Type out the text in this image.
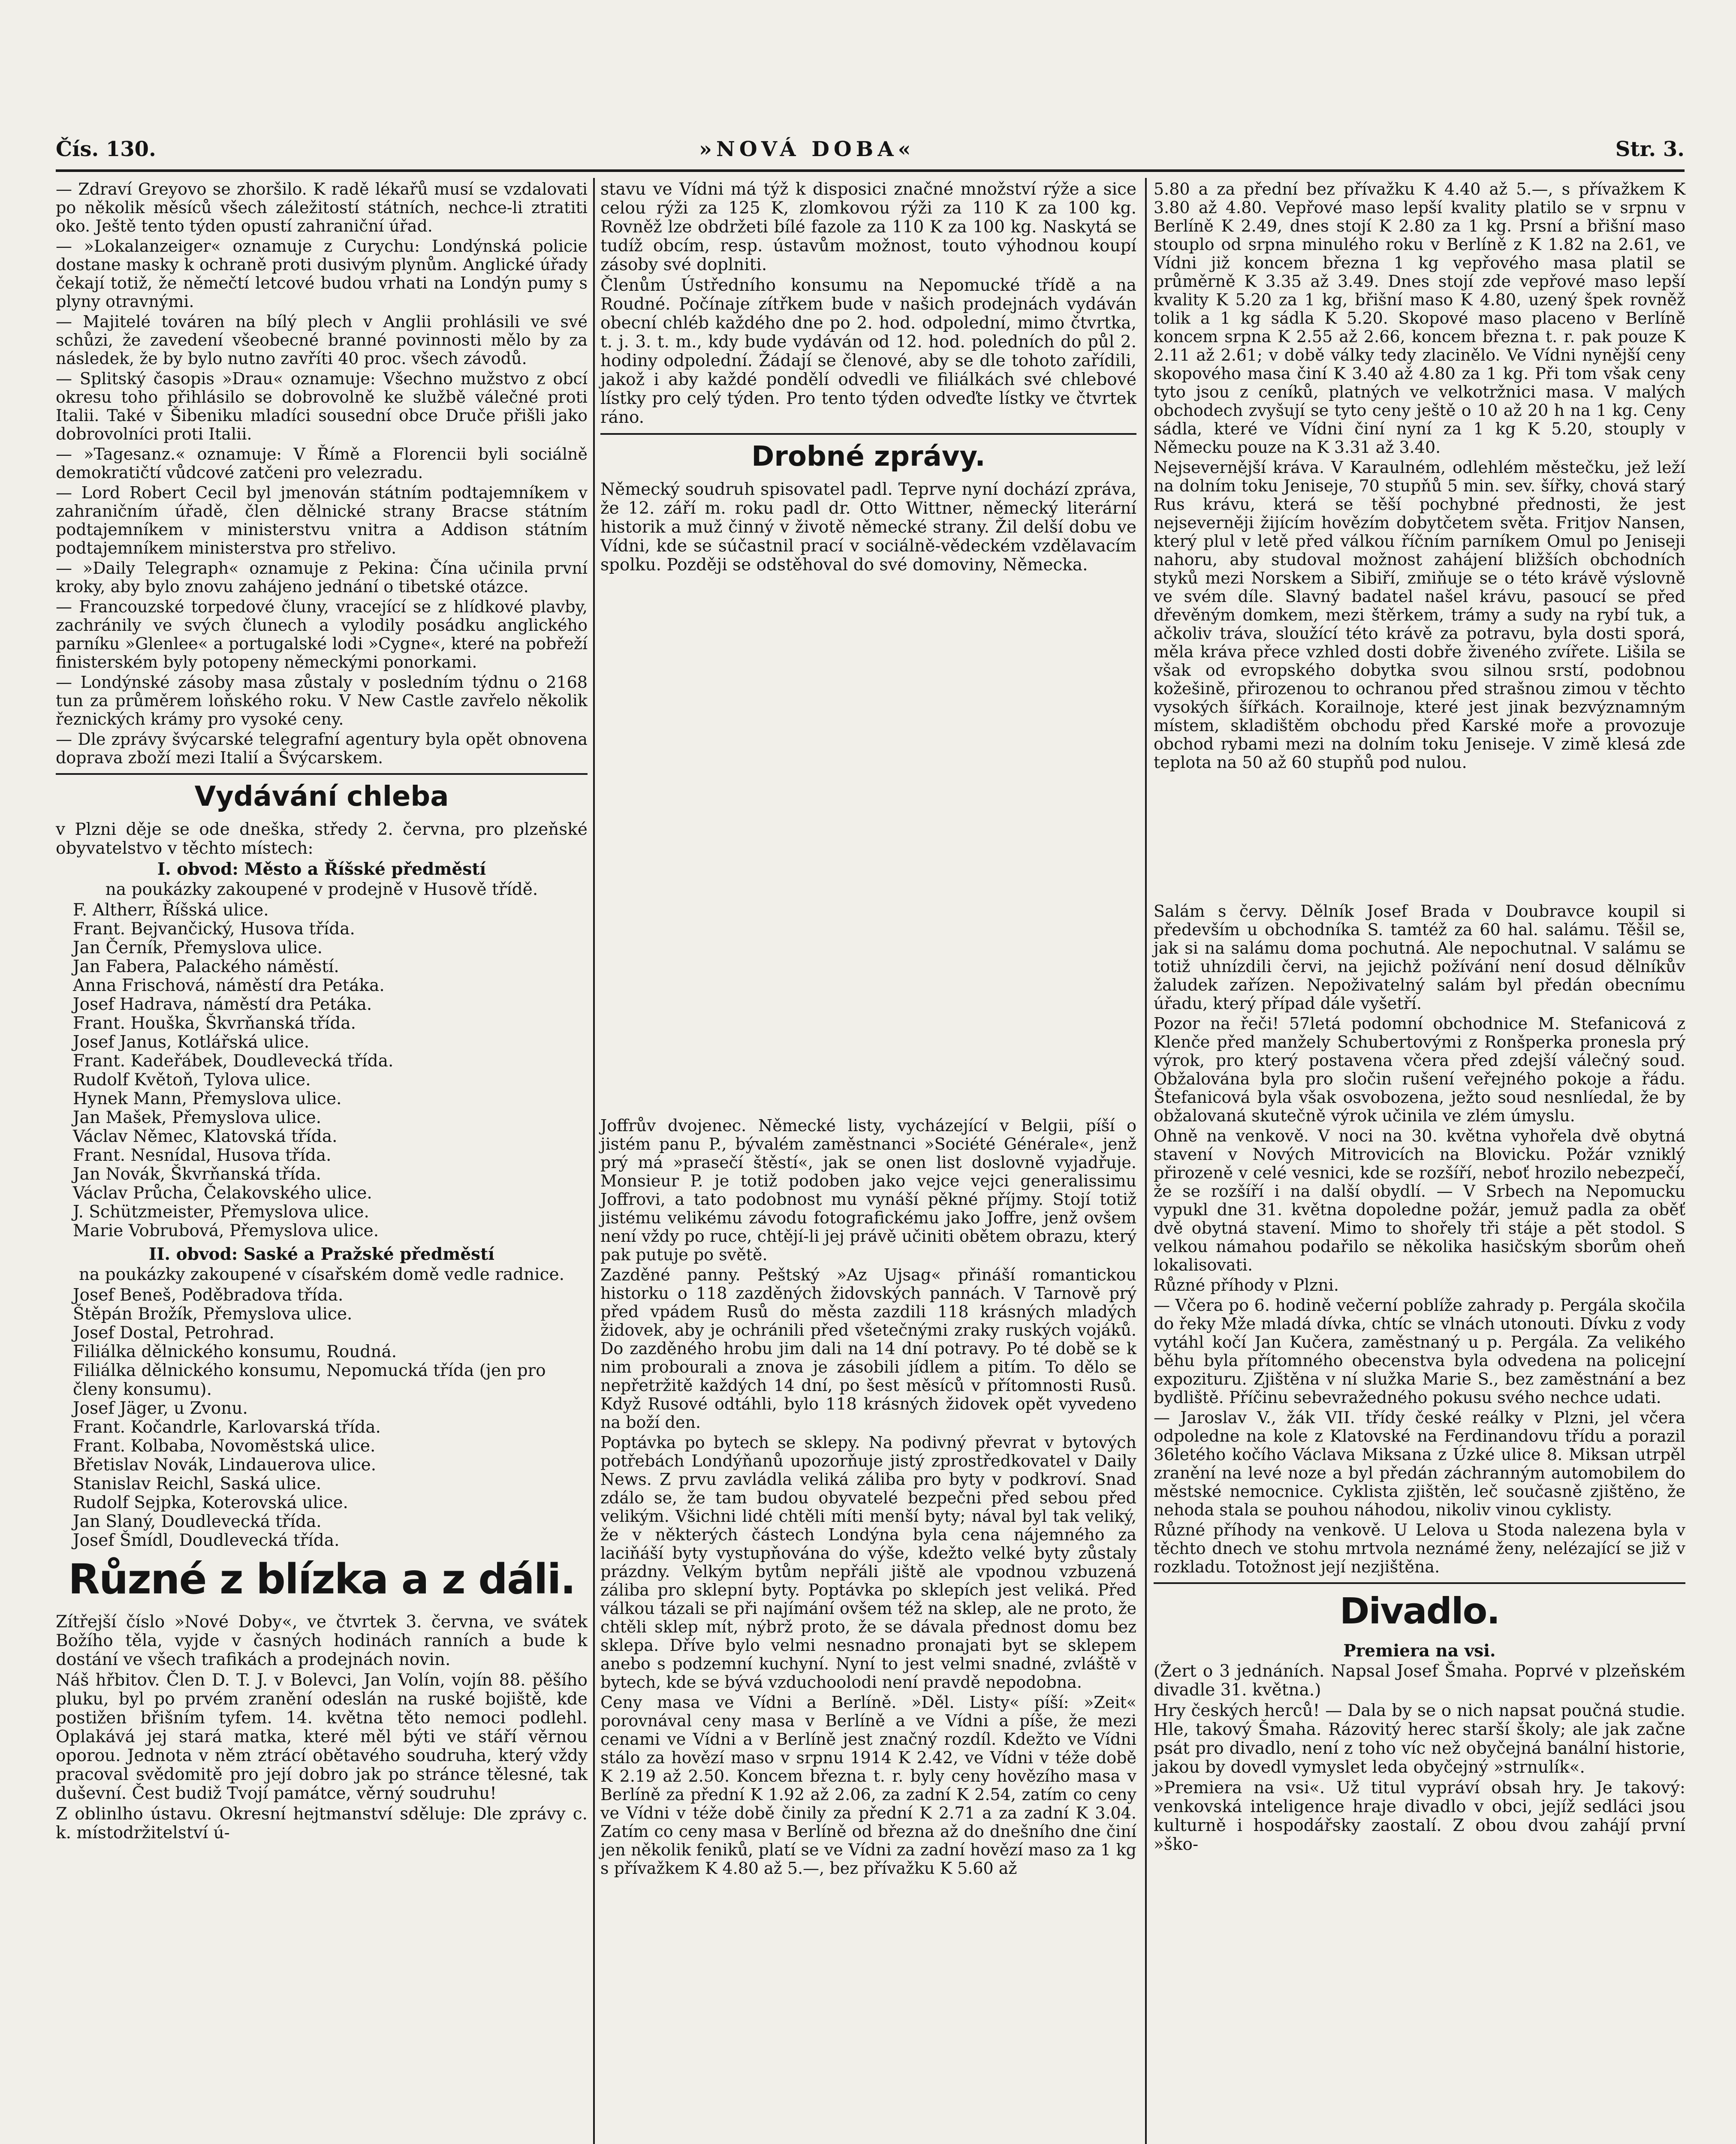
Čís. 130.	»NOVÁ DOBA«	Str. 3.

— Zdraví Greyovo se zhoršilo. K radě lékařů musí se vzdalovati po několik měsíců všech záležitostí státních, nechce-li ztratiti oko. Ještě tento týden opustí zahraniční úřad.

— »Lokalanzeiger« oznamuje z Curychu: Londýnská policie dostane masky k ochraně proti dusivým plynům. Anglické úřady čekají totiž, že němečtí letcové budou vrhati na Londýn pumy s plyny otravnými.

— Majitelé továren na bílý plech v Anglii prohlásili ve své schůzi, že zavedení všeobecné branné povinnosti mělo by za následek, že by bylo nutno zavříti 40 proc. všech závodů.

— Splitský časopis »Drau« oznamuje: Všechno mužstvo z obcí okresu toho přihlásilo se dobrovolně ke službě válečné proti Italii. Také v Šibeniku mladíci sousední obce Druče přišli jako dobrovolníci proti Italii.

— »Tagesanz.« oznamuje: V Římě a Florencii byli sociálně demokratičtí vůdcové zatčeni pro velezradu.

— Lord Robert Cecil byl jmenován státním podtajemníkem v zahraničním úřadě, člen dělnické strany Bracse státním podtajemníkem v ministerstvu vnitra a Addison státním podtajemníkem ministerstva pro střelivo.

— »Daily Telegraph« oznamuje z Pekina: Čína učinila první kroky, aby bylo znovu zahájeno jednání o tibetské otázce.

— Francouzské torpedové čluny, vracející se z hlídkové plavby, zachránily ve svých člunech a vylodily posádku anglického parníku »Glenlee« a portugalské lodi »Cygne«, které na pobřeží finisterském byly potopeny německými ponorkami.

— Londýnské zásoby masa zůstaly v posledním týdnu o 2168 tun za průměrem loňského roku. V New Castle zavřelo několik řeznických krámy pro vysoké ceny.

— Dle zprávy švýcarské telegrafní agentury byla opět obnovena doprava zboží mezi Italií a Švýcarskem.

Vydávání chleba

v Plzni děje se ode dneška, středy 2. června, pro plzeňské obyvatelstvo v těchto místech:

I. obvod: Město a Říšské předměstí

na poukázky zakoupené v prodejně v Husově třídě.

F. Altherr, Říšská ulice.

Frant. Bejvančický, Husova třída.

Jan Černík, Přemyslova ulice.

Jan Fabera, Palackého náměstí.

Anna Frischová, náměstí dra Petáka.

Josef Hadrava, náměstí dra Petáka.

Frant. Houška, Škvrňanská třída.

Josef Janus, Kotlářská ulice.

Frant. Kadeřábek, Doudlevecká třída.

Rudolf Květoň, Tylova ulice.

Hynek Mann, Přemyslova ulice.

Jan Mašek, Přemyslova ulice.

Václav Němec, Klatovská třída.

Frant. Nesnídal, Husova třída.

Jan Novák, Škvrňanská třída.

Václav Průcha, Čelakovského ulice.

J. Schützmeister, Přemyslova ulice.

Marie Vobrubová, Přemyslova ulice.

II. obvod: Saské a Pražské předměstí

na poukázky zakoupené v císařském domě vedle radnice.

Josef Beneš, Poděbradova třída.

Štěpán Brožík, Přemyslova ulice.

Josef Dostal, Petrohrad.

Filiálka dělnického konsumu, Roudná.

Filiálka dělnického konsumu, Nepomucká třída (jen pro členy konsumu).

Josef Jäger, u Zvonu.

Frant. Kočandrle, Karlovarská třída.

Frant. Kolbaba, Novoměstská ulice.

Břetislav Novák, Lindauerova ulice.

Stanislav Reichl, Saská ulice.

Rudolf Sejpka, Koterovská ulice.

Jan Slaný, Doudlevecká třída.

Josef Šmídl, Doudlevecká třída.

Různé z blízka a z dáli.

Zítřejší číslo »Nové Doby«, ve čtvrtek 3. června, ve svátek Božího těla, vyjde v časných hodinách ranních a bude k dostání ve všech trafikách a prodejnách novin.

Náš hřbitov. Člen D. T. J. v Bolevci, Jan Volín, vojín 88. pěšího pluku, byl po prvém zranění odeslán na ruské bojiště, kde postižen břišním tyfem. 14. května těto nemoci podlehl. Oplakává jej stará matka, které měl býti ve stáří věrnou oporou. Jednota v něm ztrácí obětavého soudruha, který vždy pracoval svědomitě pro její dobro jak po stránce tělesné, tak duševní. Čest budiž Tvojí památce, věrný soudruhu!

Z oblinlho ústavu. Okresní hejtmanství sděluje: Dle zprávy c. k. místodržitelství ú-

stavu ve Vídni má týž k disposici značné množství rýže a sice celou rýži za 125 K, zlomkovou rýži za 110 K za 100 kg. Rovněž lze obdržeti bílé fazole za 110 K za 100 kg. Naskytá se tudíž obcím, resp. ústavům možnost, touto výhodnou koupí zásoby své doplniti.

Členům Ústředního konsumu na Nepomucké třídě a na Roudné. Počínaje zítřkem bude v našich prodejnách vydáván obecní chléb každého dne po 2. hod. odpolední, mimo čtvrtka, t. j. 3. t. m., kdy bude vydáván od 12. hod. poledních do půl 2. hodiny odpolední. Žádají se členové, aby se dle tohoto zařídili, jakož i aby každé pondělí odvedli ve filiálkách své chlebové lístky pro celý týden. Pro tento týden odveďte lístky ve čtvrtek ráno.

Drobné zprávy.

Německý soudruh spisovatel padl. Teprve nyní dochází zpráva, že 12. září m. roku padl dr. Otto Wittner, německý literární historik a muž činný v životě německé strany. Žil delší dobu ve Vídni, kde se súčastnil prací v sociálně-vědeckém vzdělavacím spolku. Později se odstěhoval do své domoviny, Německa.

Joffrův dvojenec. Německé listy, vycházející v Belgii, píší o jistém panu P., bývalém zaměstnanci »Société Générale«, jenž prý má »prasečí štěstí«, jak se onen list doslovně vyjadřuje. Monsieur P. je totiž podoben jako vejce vejci generalissimu Joffrovi, a tato podobnost mu vynáší pěkné příjmy. Stojí totiž jistému velikému závodu fotografickému jako Joffre, jenž ovšem není vždy po ruce, chtějí-li jej právě učiniti obětem obrazu, který pak putuje po světě.

Zazděné panny. Peštský »Az Ujsag« přináší romantickou historku o 118 zazděných židovských pannách. V Tarnově prý před vpádem Rusů do města zazdili 118 krásných mladých židovek, aby je ochránili před všetečnými zraky ruských vojáků. Do zazděného hrobu jim dali na 14 dní potravy. Po té době se k nim probourali a znova je zásobili jídlem a pitím. To dělo se nepřetržitě každých 14 dní, po šest měsíců v přítomnosti Rusů. Když Rusové odtáhli, bylo 118 krásných židovek opět vyvedeno na boží den.

Poptávka po bytech se sklepy. Na podivný převrat v bytových potřebách Londýňanů upozorňuje jistý zprostředkovatel v Daily News. Z prvu zavládla veliká záliba pro byty v podkroví. Snad zdálo se, že tam budou obyvatelé bezpečni před sebou před velikým. Všichni lidé chtěli míti menší byty; nával byl tak veliký, že v některých částech Londýna byla cena nájemného za laciňáší byty vystupňována do výše, kdežto velké byty zůstaly prázdny. Velkým bytům nepřáli jiště ale vpodnou vzbuzená záliba pro sklepní byty. Poptávka po sklepích jest veliká. Před válkou tázali se při najímání ovšem též na sklep, ale ne proto, že chtěli sklep mít, nýbrž proto, že se dávala přednost domu bez sklepa. Dříve bylo velmi nesnadno pronajati byt se sklepem anebo s podzemní kuchyní. Nyní to jest velmi snadné, zvláště v bytech, kde se bývá vzduchoolodi není pravdě nepodobna.

Ceny masa ve Vídni a Berlíně. »Děl. Listy« píší: »Zeit« porovnával ceny masa v Berlíně a ve Vídni a píše, že mezi cenami ve Vídni a v Berlíně jest značný rozdíl. Kdežto ve Vídni stálo za hovězí maso v srpnu 1914 K 2.42, ve Vídni v téže době K 2.19 až 2.50. Koncem března t. r. byly ceny hovězího masa v Berlíně za přední K 1.92 až 2.06, za zadní K 2.54, zatím co ceny ve Vídni v téže době činily za přední K 2.71 a za zadní K 3.04. Zatím co ceny masa v Berlíně od března až do dnešního dne činí jen několik feniků, platí se ve Vídni za zadní hovězí maso za 1 kg s přívažkem K 4.80 až 5.—, bez přívažku K 5.60 až

5.80 a za přední bez přívažku K 4.40 až 5.—, s přívažkem K 3.80 až 4.80. Vepřové maso lepší kvality platilo se v srpnu v Berlíně K 2.49, dnes stojí K 2.80 za 1 kg. Prsní a břišní maso stouplo od srpna minulého roku v Berlíně z K 1.82 na 2.61, ve Vídni již koncem března 1 kg vepřového masa platil se průměrně K 3.35 až 3.49. Dnes stojí zde vepřové maso lepší kvality K 5.20 za 1 kg, břišní maso K 4.80, uzený špek rovněž tolik a 1 kg sádla K 5.20. Skopové maso placeno v Berlíně koncem srpna K 2.55 až 2.66, koncem března t. r. pak pouze K 2.11 až 2.61; v době války tedy zlacinělo. Ve Vídni nynější ceny skopového masa činí K 3.40 až 4.80 za 1 kg. Při tom však ceny tyto jsou z ceníků, platných ve velkotržnici masa. V malých obchodech zvyšují se tyto ceny ještě o 10 až 20 h na 1 kg. Ceny sádla, které ve Vídni činí nyní za 1 kg K 5.20, stouply v Německu pouze na K 3.31 až 3.40.

Nejsevernější kráva. V Karaulném, odlehlém městečku, jež leží na dolním toku Jeniseje, 70 stupňů 5 min. sev. šířky, chová starý Rus krávu, která se těší pochybné přednosti, že jest nejseverněji žijícím hovězím dobytčetem světa. Fritjov Nansen, který plul v letě před válkou říčním parníkem Omul po Jeniseji nahoru, aby studoval možnost zahájení bližších obchodních styků mezi Norskem a Sibiří, zmiňuje se o této krávě výslovně ve svém díle. Slavný badatel našel krávu, pasoucí se před dřevěným domkem, mezi štěrkem, trámy a sudy na rybí tuk, a ačkoliv tráva, sloužící této krávě za potravu, byla dosti sporá, měla kráva přece vzhled dosti dobře živeného zvířete. Lišila se však od evropského dobytka svou silnou srstí, podobnou kožešině, přirozenou to ochranou před strašnou zimou v těchto vysokých šířkách. Korailnoje, které jest jinak bezvýznamným místem, skladištěm obchodu před Karské moře a provozuje obchod rybami mezi na dolním toku Jeniseje. V zimě klesá zde teplota na 50 až 60 stupňů pod nulou.

Salám s červy. Dělník Josef Brada v Doubravce koupil si především u obchodníka S. tamtéž za 60 hal. salámu. Těšil se, jak si na salámu doma pochutná. Ale nepochutnal. V salámu se totiž uhnízdili červi, na jejichž požívání není dosud dělníkův žaludek zařízen. Nepoživatelný salám byl předán obecnímu úřadu, který případ dále vyšetří.

Pozor na řeči! 57letá podomní obchodnice M. Stefanicová z Klenče před manžely Schubertovými z Ronšperka pronesla prý výrok, pro který postavena včera před zdejší válečný soud. Obžalována byla pro sločin rušení veřejného pokoje a řádu. Štefanicová byla však osvobozena, ježto soud nesnlíedal, že by obžalovaná skutečně výrok učinila ve zlém úmyslu.

Ohně na venkově. V noci na 30. května vyhořela dvě obytná stavení v Nových Mitrovicích na Blovicku. Požár vzniklý přirozeně v celé vesnici, kde se rozšíří, neboť hrozilo nebezpečí, že se rozšíří i na další obydlí. — V Srbech na Nepomucku vypukl dne 31. května dopoledne požár, jemuž padla za oběť dvě obytná stavení. Mimo to shořely tři stáje a pět stodol. S velkou námahou podařilo se několika hasičským sborům oheň lokalisovati.

Různé příhody v Plzni.

— Včera po 6. hodině večerní poblíže zahrady p. Pergála skočila do řeky Mže mladá dívka, chtíc se vlnách utonouti. Dívku z vody vytáhl kočí Jan Kučera, zaměstnaný u p. Pergála. Za velikého běhu byla přítomného obecenstva byla odvedena na policejní expozituru. Zjištěna v ní služka Marie S., bez zaměstnání a bez bydliště. Příčinu sebevražedného pokusu svého nechce udati.

— Jaroslav V., žák VII. třídy české reálky v Plzni, jel včera odpoledne na kole z Klatovské na Ferdinandovu třídu a porazil 36letého kočího Václava Miksana z Úzké ulice 8. Miksan utrpěl zranění na levé noze a byl předán záchranným automobilem do městské nemocnice. Cyklista zjištěn, leč současně zjištěno, že nehoda stala se pouhou náhodou, nikoliv vinou cyklisty.

Různé příhody na venkově. U Lelova u Stoda nalezena byla v těchto dnech ve stohu mrtvola neznámé ženy, nelézající se již v rozkladu. Totožnost její nezjištěna.

Divadlo.

Premiera na vsi.

(Žert o 3 jednáních. Napsal Josef Šmaha. Poprvé v plzeňském divadle 31. května.)

Hry českých herců! — Dala by se o nich napsat poučná studie. Hle, takový Šmaha. Rázovitý herec starší školy; ale jak začne psát pro divadlo, není z toho víc než obyčejná banální historie, jakou by dovedl vymyslet leda obyčejný »strnulík«.

»Premiera na vsi«. Už titul vypráví obsah hry. Je takový: venkovská inteligence hraje divadlo v obci, jejíž sedláci jsou kulturně i hospodářsky zaostalí. Z obou dvou zahájí první »ško-
